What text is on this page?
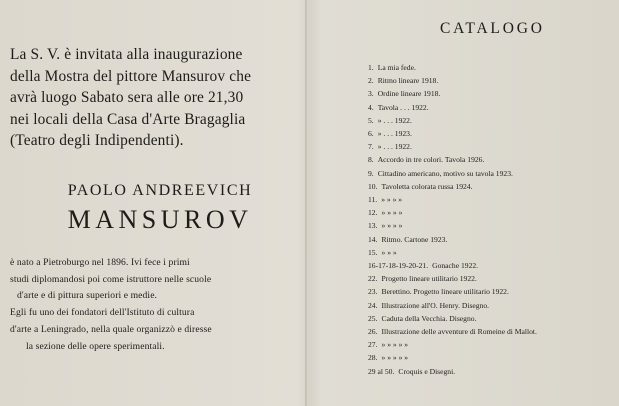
La S. V. è invitata alla inaugurazione
della Mostra del pittore Mansurov che
avrà luogo Sabato sera alle ore 21,30
nei locali della Casa d'Arte Bragaglia
(Teatro degli Indipendenti).
PAOLO ANDREEVICH
MANSUROV
è nato a Pietroburgo nel 1896. Ivi fece i primi
studi diplomandosi poi come istruttore nelle scuole
d'arte e di pittura superiori e medie.
Egli fu uno dei fondatori dell'Istituto di cultura
d'arte a Leningrado, nella quale organizzò e diresse
la sezione delle opere sperimentali.
CATALOGO
1. La mia fede.
2. Ritmo lineare 1918.
3. Ordine lineare 1918.
4. Tavola . . . 1922.
5. » . . . 1922.
6. » . . . 1923.
7. » . . . 1922.
8. Accordo in tre colori. Tavola 1926.
9. Cittadino americano, motivo su tavola 1923.
10. Tavoletta colorata russa 1924.
11. » » » »
12. » » » »
13. » » » »
14. Ritmo. Cartone 1923.
15. » » »
16-17-18-19-20-21. Gonache 1922.
22. Progetto lineare utilitario 1922.
23. Berettino. Progetto lineare utilitario 1922.
24. Illustrazione all'O. Henry. Disegno.
25. Caduta della Vecchia. Disegno.
26. Illustrazione delle avventure di Romeine di Mallot.
27. » » » » »
28. » » » » »
29 al 50. Croquis e Disegni.
